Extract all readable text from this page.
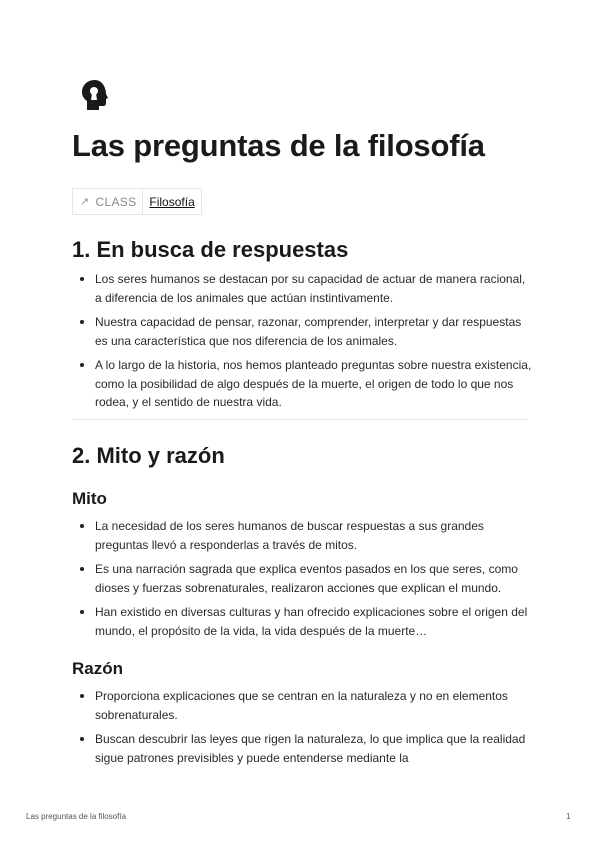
Las preguntas de la filosofía
↗ CLASS	Filosofía
1. En busca de respuestas
Los seres humanos se destacan por su capacidad de actuar de manera racional, a diferencia de los animales que actúan instintivamente.
Nuestra capacidad de pensar, razonar, comprender, interpretar y dar respuestas es una característica que nos diferencia de los animales.
A lo largo de la historia, nos hemos planteado preguntas sobre nuestra existencia, como la posibilidad de algo después de la muerte, el origen de todo lo que nos rodea, y el sentido de nuestra vida.
2. Mito y razón
Mito
La necesidad de los seres humanos de buscar respuestas a sus grandes preguntas llevó a responderlas a través de mitos.
Es una narración sagrada que explica eventos pasados en los que seres, como dioses y fuerzas sobrenaturales, realizaron acciones que explican el mundo.
Han existido en diversas culturas y han ofrecido explicaciones sobre el origen del mundo, el propósito de la vida, la vida después de la muerte…
Razón
Proporciona explicaciones que se centran en la naturaleza y no en elementos sobrenaturales.
Buscan descubrir las leyes que rigen la naturaleza, lo que implica que la realidad sigue patrones previsibles y puede entenderse mediante la
Las preguntas de la filosofía	1
